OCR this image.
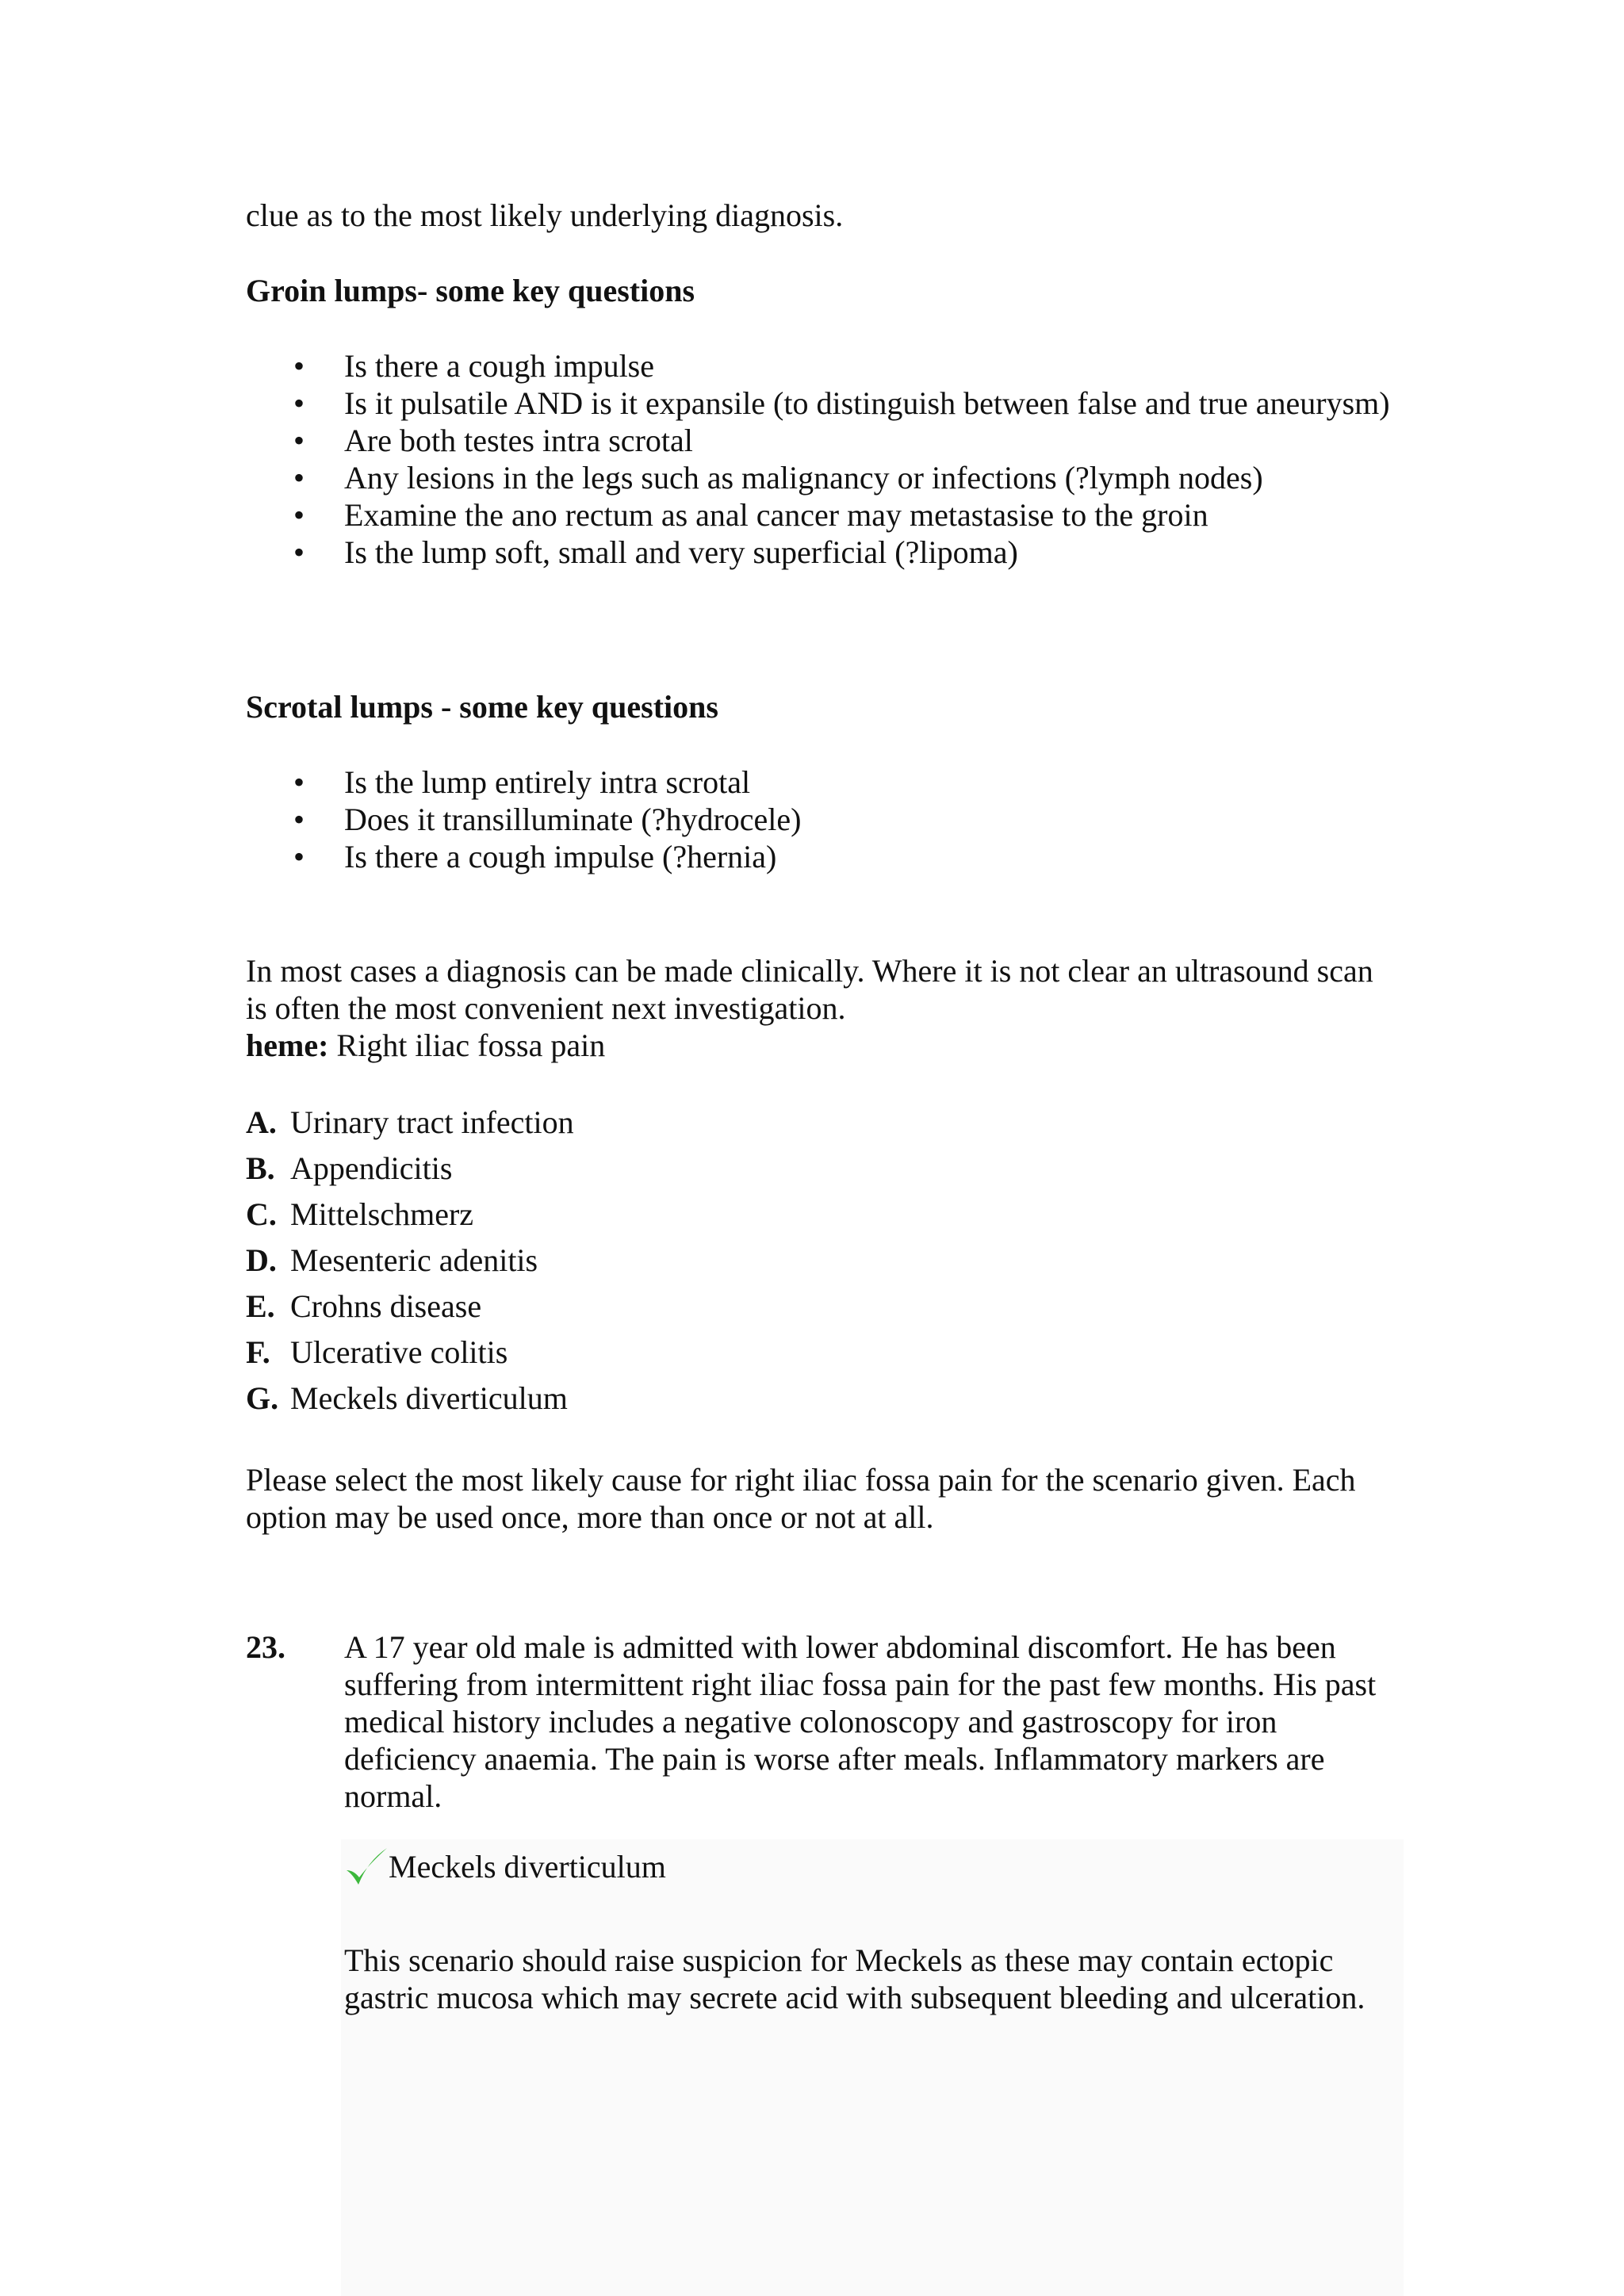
clue as to the most likely underlying diagnosis.

Groin lumps- some key questions
• Is there a cough impulse
• Is it pulsatile AND is it expansile (to distinguish between false and true aneurysm)
• Are both testes intra scrotal
• Any lesions in the legs such as malignancy or infections (?lymph nodes)
• Examine the ano rectum as anal cancer may metastasise to the groin
• Is the lump soft, small and very superficial (?lipoma)
Scrotal lumps - some key questions
• Is the lump entirely intra scrotal
• Does it transilluminate (?hydrocele)
• Is there a cough impulse (?hernia)

In most cases a diagnosis can be made clinically. Where it is not clear an ultrasound scan is often the most convenient next investigation.

heme: Right iliac fossa pain

A. Urinary tract infection
B. Appendicitis
C. Mittelschmerz
D. Mesenteric adenitis
E. Crohns disease
F. Ulcerative colitis
G. Meckels diverticulum

Please select the most likely cause for right iliac fossa pain for the scenario given. Each option may be used once, more than once or not at all.

23. A 17 year old male is admitted with lower abdominal discomfort. He has been suffering from intermittent right iliac fossa pain for the past few months. His past medical history includes a negative colonoscopy and gastroscopy for iron deficiency anaemia. The pain is worse after meals. Inflammatory markers are normal.

Meckels diverticulum

This scenario should raise suspicion for Meckels as these may contain ectopic gastric mucosa which may secrete acid with subsequent bleeding and ulceration.
